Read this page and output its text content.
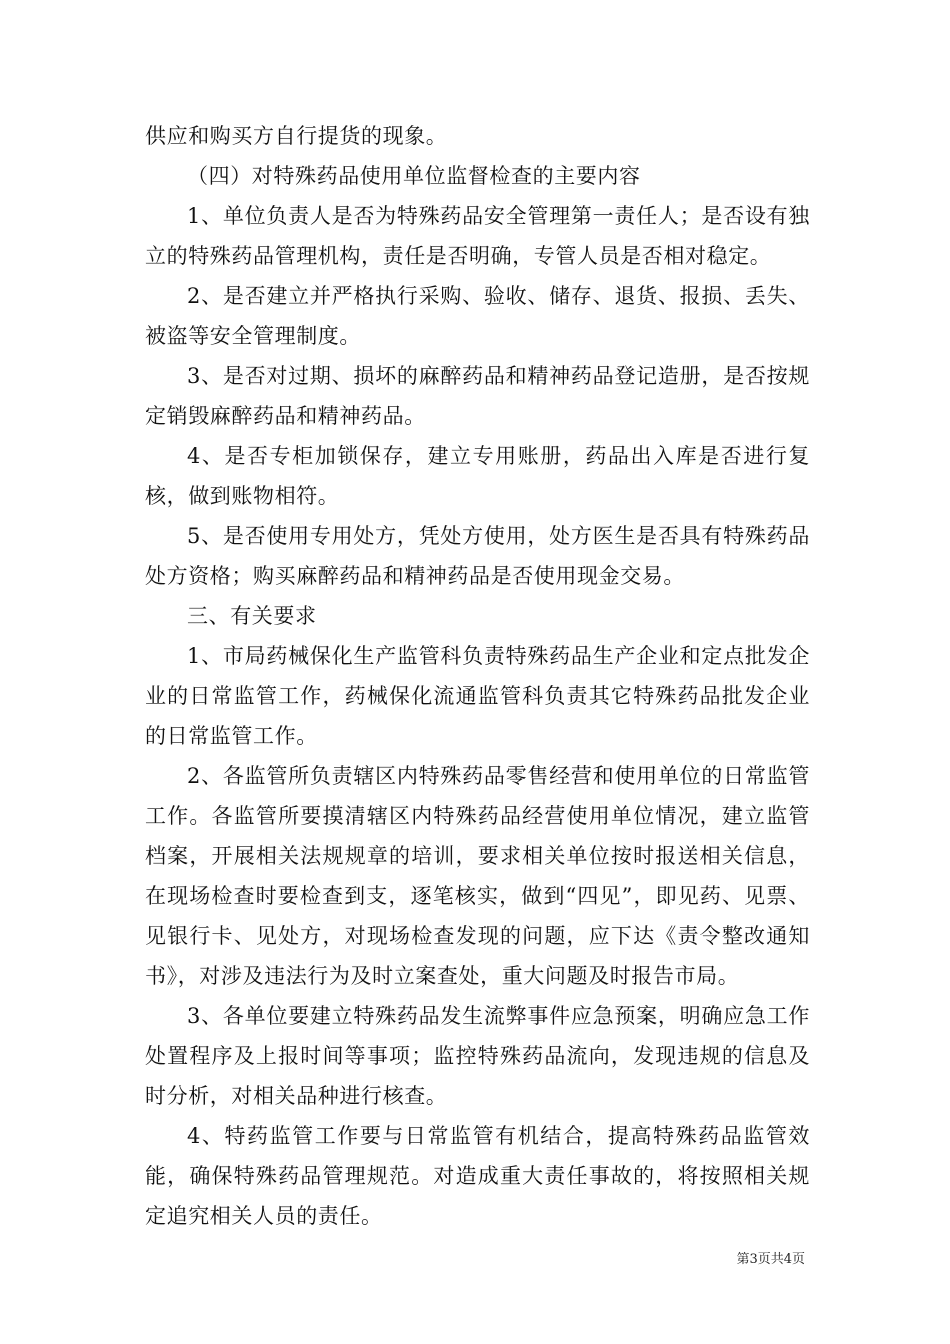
供应和购买方自行提货的现象。

（四）对特殊药品使用单位监督检查的主要内容

1、单位负责人是否为特殊药品安全管理第一责任人；是否设有独立的特殊药品管理机构，责任是否明确，专管人员是否相对稳定。

2、是否建立并严格执行采购、验收、储存、退货、报损、丢失、被盗等安全管理制度。

3、是否对过期、损坏的麻醉药品和精神药品登记造册，是否按规定销毁麻醉药品和精神药品。

4、是否专柜加锁保存，建立专用账册，药品出入库是否进行复核，做到账物相符。

5、是否使用专用处方，凭处方使用，处方医生是否具有特殊药品处方资格；购买麻醉药品和精神药品是否使用现金交易。

三、有关要求

1、市局药械保化生产监管科负责特殊药品生产企业和定点批发企业的日常监管工作，药械保化流通监管科负责其它特殊药品批发企业的日常监管工作。

2、各监管所负责辖区内特殊药品零售经营和使用单位的日常监管工作。各监管所要摸清辖区内特殊药品经营使用单位情况，建立监管档案，开展相关法规规章的培训，要求相关单位按时报送相关信息，在现场检查时要检查到支，逐笔核实，做到“四见”，即见药、见票、见银行卡、见处方，对现场检查发现的问题，应下达《责令整改通知书》，对涉及违法行为及时立案查处，重大问题及时报告市局。

3、各单位要建立特殊药品发生流弊事件应急预案，明确应急工作处置程序及上报时间等事项；监控特殊药品流向，发现违规的信息及时分析，对相关品种进行核查。

4、特药监管工作要与日常监管有机结合，提高特殊药品监管效能，确保特殊药品管理规范。对造成重大责任事故的，将按照相关规定追究相关人员的责任。

第3页共4页
